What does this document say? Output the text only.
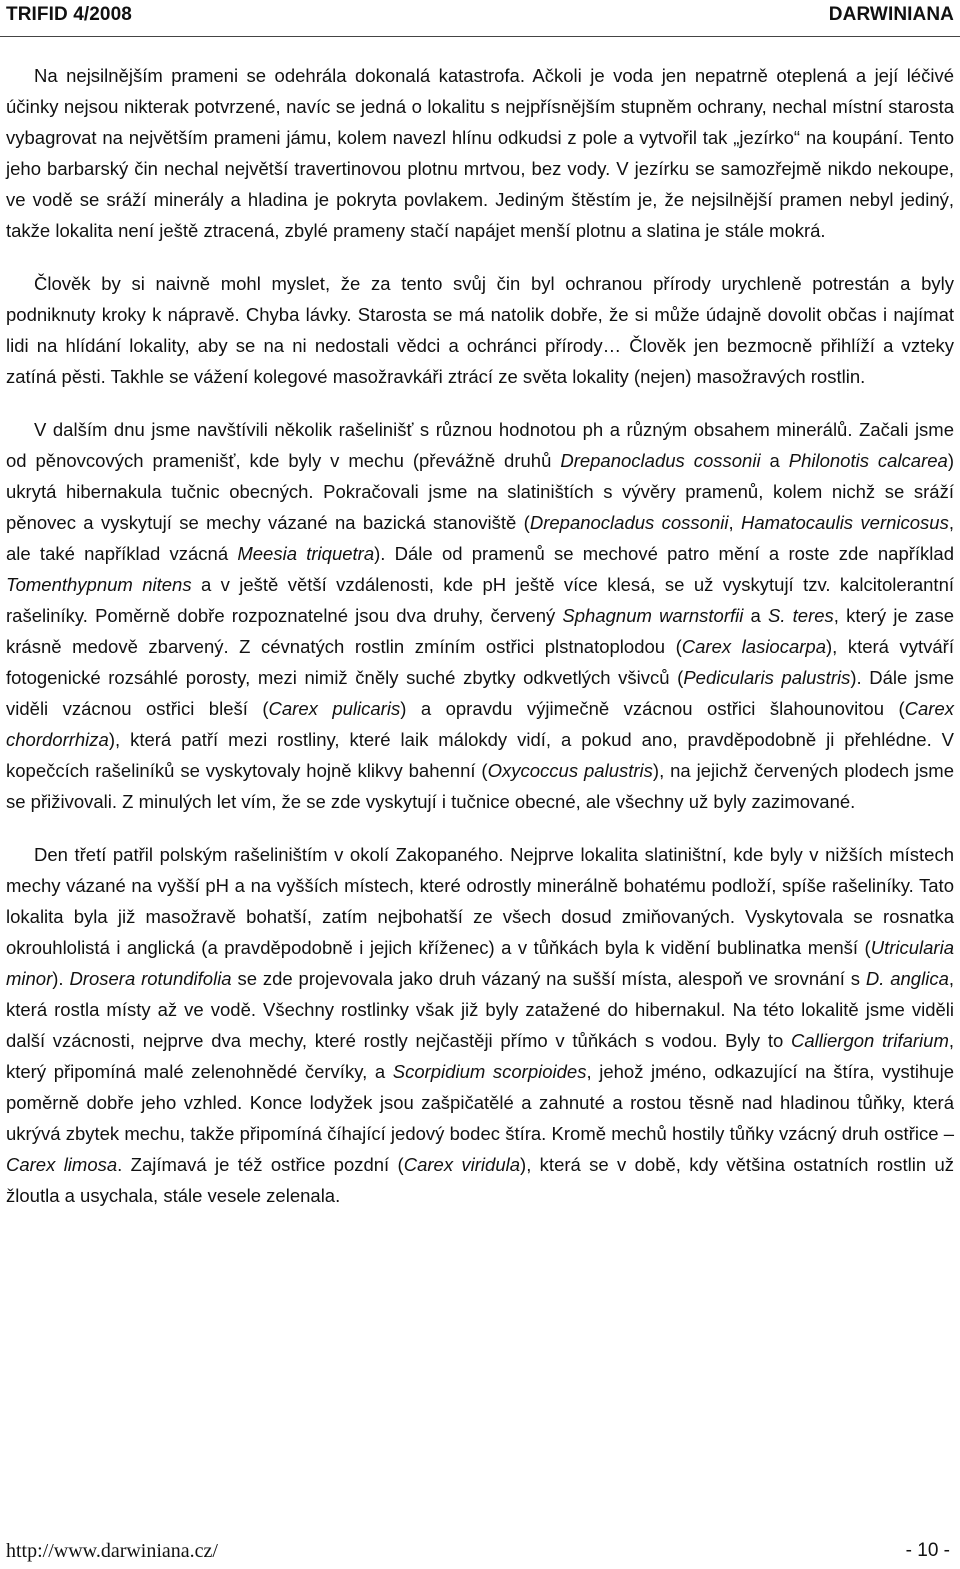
TRIFID 4/2008	DARWINIANA

Na nejsilnějším prameni se odehrála dokonalá katastrofa. Ačkoli je voda jen nepatrně oteplená a její léčivé účinky nejsou nikterak potvrzené, navíc se jedná o lokalitu s nejpřísnějším stupněm ochrany, nechal místní starosta vybagrovat na největším prameni jámu, kolem navezl hlínu odkudsi z pole a vytvořil tak „jezírko“ na koupání. Tento jeho barbarský čin nechal největší travertinovou plotnu mrtvou, bez vody. V jezírku se samozřejmě nikdo nekoupe, ve vodě se sráží minerály a hladina je pokryta povlakem. Jediným štěstím je, že nejsilnější pramen nebyl jediný, takže lokalita není ještě ztracená, zbylé prameny stačí napájet menší plotnu a slatina je stále mokrá.

Člověk by si naivně mohl myslet, že za tento svůj čin byl ochranou přírody urychleně potrestán a byly podniknuty kroky k nápravě. Chyba lávky. Starosta se má natolik dobře, že si může údajně dovolit občas i najímat lidi na hlídání lokality, aby se na ni nedostali vědci a ochránci přírody… Člověk jen bezmocně přihlíží a vzteky zatíná pěsti. Takhle se vážení kolegové masožravkáři ztrácí ze světa lokality (nejen) masožravých rostlin.

V dalším dnu jsme navštívili několik rašelinišť s různou hodnotou ph a různým obsahem minerálů. Začali jsme od pěnovcových pramenišť, kde byly v mechu (převážně druhů Drepanocladus cossonii a Philonotis calcarea) ukrytá hibernakula tučnic obecných. Pokračovali jsme na slatiništích s vývěry pramenů, kolem nichž se sráží pěnovec a vyskytují se mechy vázané na bazická stanoviště (Drepanocladus cossonii, Hamatocaulis vernicosus, ale také například vzácná Meesia triquetra). Dále od pramenů se mechové patro mění a roste zde například Tomenthypnum nitens a v ještě větší vzdálenosti, kde pH ještě více klesá, se už vyskytují tzv. kalcitolerantní rašeliníky. Poměrně dobře rozpoznatelné jsou dva druhy, červený Sphagnum warnstorfii a S. teres, který je zase krásně medově zbarvený. Z cévnatých rostlin zmíním ostřici plstnatoplodou (Carex lasiocarpa), která vytváří fotogenické rozsáhlé porosty, mezi nimiž čněly suché zbytky odkvetlých všivců (Pedicularis palustris). Dále jsme viděli vzácnou ostřici bleší (Carex pulicaris) a opravdu výjimečně vzácnou ostřici šlahounovitou (Carex chordorrhiza), která patří mezi rostliny, které laik málokdy vidí, a pokud ano, pravděpodobně ji přehlédne. V kopečcích rašeliníků se vyskytovaly hojně klikvy bahenní (Oxycoccus palustris), na jejichž červených plodech jsme se přiživovali. Z minulých let vím, že se zde vyskytují i tučnice obecné, ale všechny už byly zazimované.

Den třetí patřil polským rašeliništím v okolí Zakopaného. Nejprve lokalita slatiništní, kde byly v nižších místech mechy vázané na vyšší pH a na vyšších místech, které odrostly minerálně bohatému podloží, spíše rašeliníky. Tato lokalita byla již masožravě bohatší, zatím nejbohatší ze všech dosud zmiňovaných. Vyskytovala se rosnatka okrouhlolistá i anglická (a pravděpodobně i jejich kříženec) a v tůňkách byla k vidění bublinatka menší (Utricularia minor). Drosera rotundifolia se zde projevovala jako druh vázaný na sušší místa, alespoň ve srovnání s D. anglica, která rostla místy až ve vodě. Všechny rostlinky však již byly zatažené do hibernakul. Na této lokalitě jsme viděli další vzácnosti, nejprve dva mechy, které rostly nejčastěji přímo v tůňkách s vodou. Byly to Calliergon trifarium, který připomíná malé zelenohnědé červíky, a Scorpidium scorpioides, jehož jméno, odkazující na štíra, vystihuje poměrně dobře jeho vzhled. Konce lodyžek jsou zašpičatělé a zahnuté a rostou těsně nad hladinou tůňky, která ukrývá zbytek mechu, takže připomíná číhající jedový bodec štíra. Kromě mechů hostily tůňky vzácný druh ostřice – Carex limosa. Zajímavá je též ostřice pozdní (Carex viridula), která se v době, kdy většina ostatních rostlin už žloutla a usychala, stále vesele zelenala.

http://www.darwiniana.cz/	- 10 -
